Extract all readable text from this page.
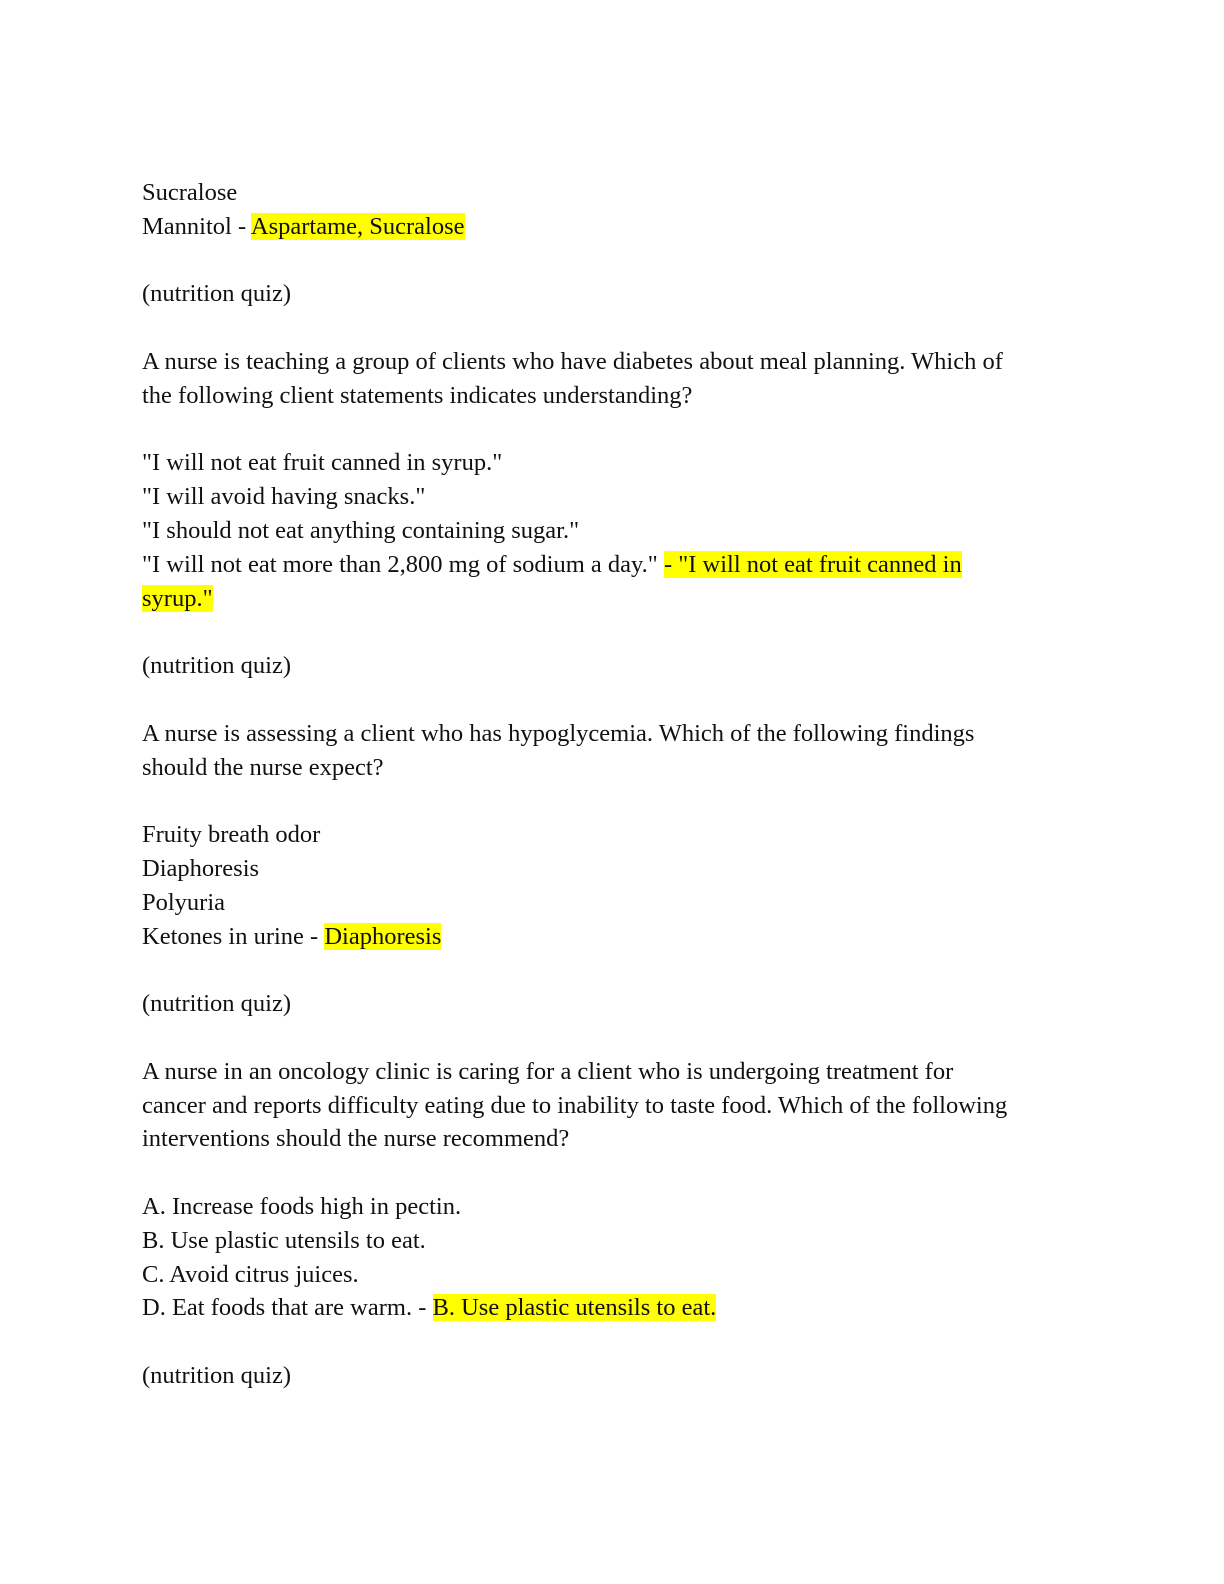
Sucralose
Mannitol - Aspartame, Sucralose
(nutrition quiz)
A nurse is teaching a group of clients who have diabetes about meal planning. Which of
the following client statements indicates understanding?
"I will not eat fruit canned in syrup."
"I will avoid having snacks."
"I should not eat anything containing sugar."
"I will not eat more than 2,800 mg of sodium a day." - "I will not eat fruit canned in
syrup."
(nutrition quiz)
A nurse is assessing a client who has hypoglycemia. Which of the following findings
should the nurse expect?
Fruity breath odor
Diaphoresis
Polyuria
Ketones in urine - Diaphoresis
(nutrition quiz)
A nurse in an oncology clinic is caring for a client who is undergoing treatment for
cancer and reports difficulty eating due to inability to taste food. Which of the following
interventions should the nurse recommend?
A. Increase foods high in pectin.
B. Use plastic utensils to eat.
C. Avoid citrus juices.
D. Eat foods that are warm. - B. Use plastic utensils to eat.
(nutrition quiz)
